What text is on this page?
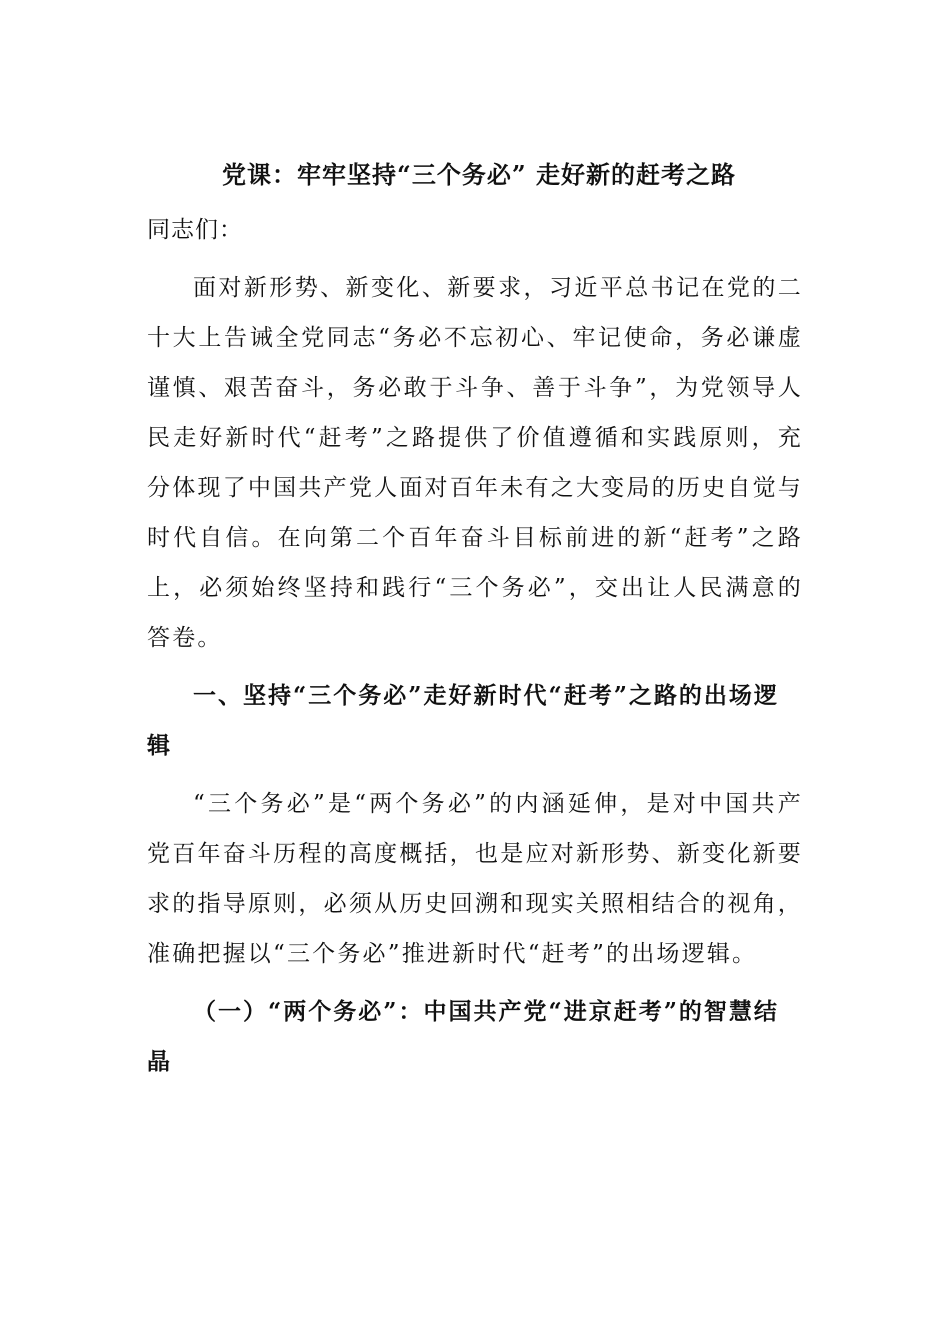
党课：牢牢坚持“三个务必” 走好新的赶考之路

同志们：

面对新形势、新变化、新要求，习近平总书记在党的二十大上告诫全党同志“务必不忘初心、牢记使命，务必谦虚谨慎、艰苦奋斗，务必敢于斗争、善于斗争”，为党领导人民走好新时代“赶考”之路提供了价值遵循和实践原则，充分体现了中国共产党人面对百年未有之大变局的历史自觉与时代自信。在向第二个百年奋斗目标前进的新“赶考”之路上，必须始终坚持和践行“三个务必”，交出让人民满意的答卷。

一、坚持“三个务必”走好新时代“赶考”之路的出场逻辑

“三个务必”是“两个务必”的内涵延伸，是对中国共产党百年奋斗历程的高度概括，也是应对新形势、新变化新要求的指导原则，必须从历史回溯和现实关照相结合的视角，准确把握以“三个务必”推进新时代“赶考”的出场逻辑。

（一）“两个务必”：中国共产党“进京赶考”的智慧结晶
